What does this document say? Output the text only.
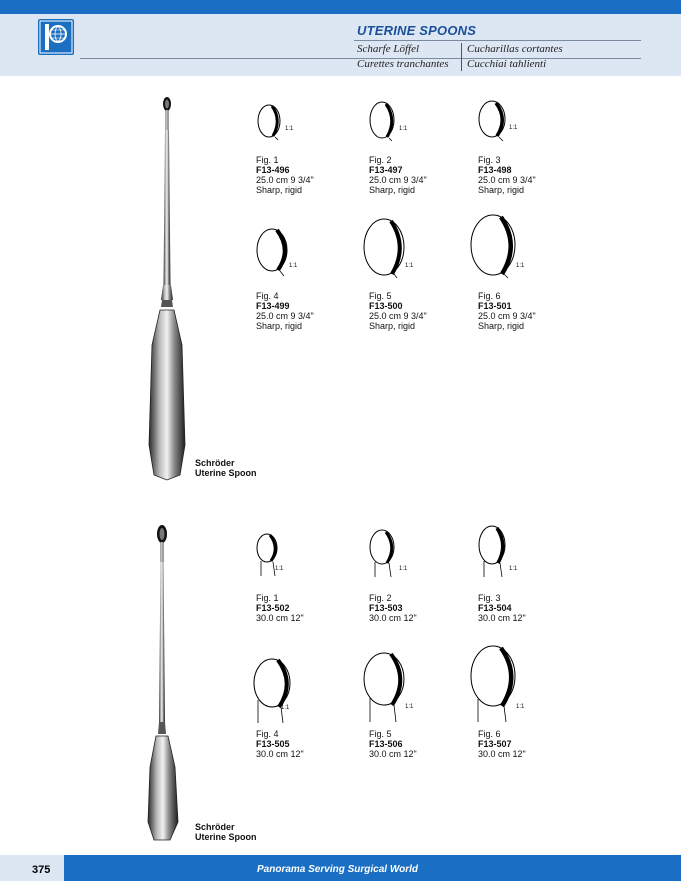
UTERINE SPOONS
Scharfe Löffel	Cucharillas cortantes
Curettes tranchantes Cucchiai tahlienti
Schröder
Uterine Spoon
Schröder
Uterine Spoon
1:1
Fig. 1
F13-496
25.0 cm 9 3/4"
Sharp, rigid
1:1
Fig. 2
F13-497
25.0 cm 9 3/4"
Sharp, rigid
1:1
Fig. 3
F13-498
25.0 cm 9 3/4"
Sharp, rigid
1:1
Fig. 4
F13-499
25.0 cm 9 3/4"
Sharp, rigid
1:1
Fig. 5
F13-500
25.0 cm 9 3/4"
Sharp, rigid
1:1
Fig. 6
F13-501
25.0 cm 9 3/4"
Sharp, rigid
1:1
Fig. 1
F13-502
30.0 cm 12"
1:1
Fig. 2
F13-503
30.0 cm 12"
1:1
Fig. 3
F13-504
30.0 cm 12"
1:1
Fig. 4
F13-505
30.0 cm 12"
1:1
Fig. 5
F13-506
30.0 cm 12"
1:1
Fig. 6
F13-507
30.0 cm 12"
375	Panorama Serving Surgical World
